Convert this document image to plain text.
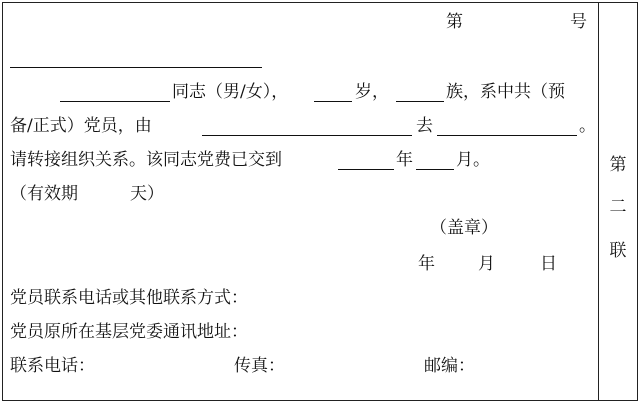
第	号
同志（男/女），	岁，	族，系中共（预
备/正式）党员，由	去	。
请转接组织关系。该同志党费已交到	年	月。
（有效期	天）
（盖章）
年	月	日
党员联系电话或其他联系方式：
党员原所在基层党委通讯地址：
联系电话：	传真：	邮编：
第
二
联
